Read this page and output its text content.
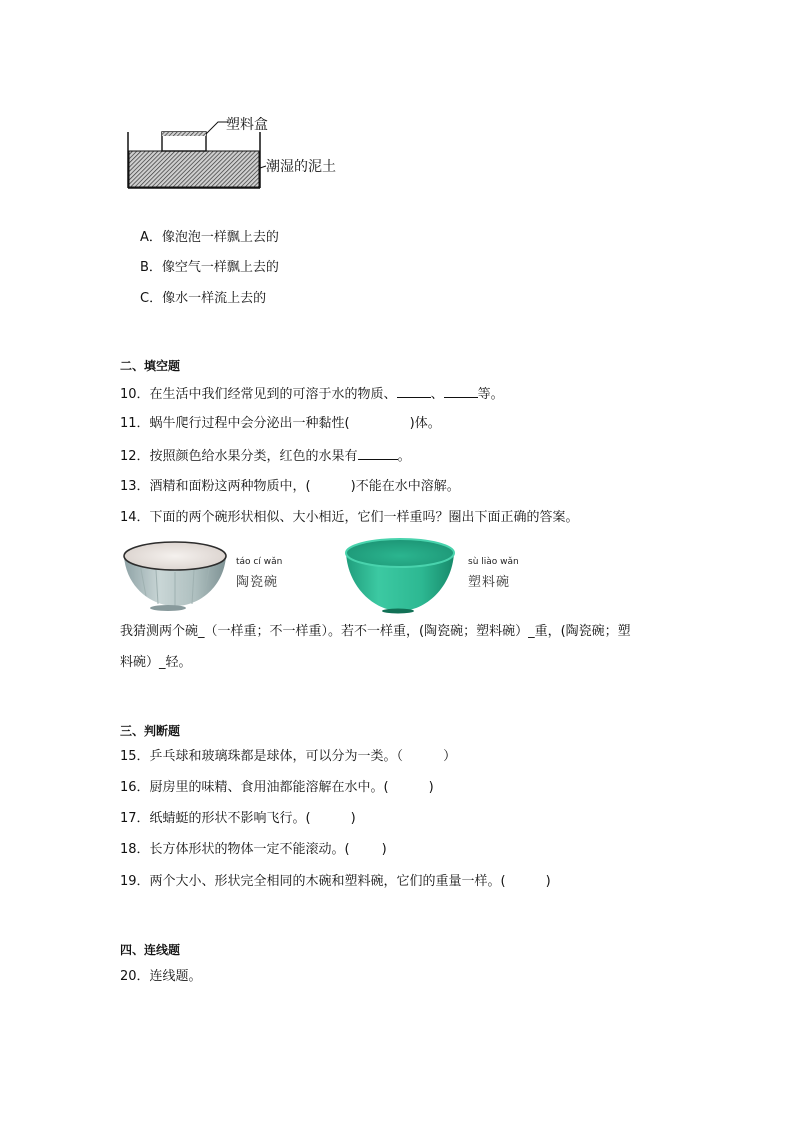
塑料盒
潮湿的泥土
A．像泡泡一样飘上去的
B．像空气一样飘上去的
C．像水一样流上去的
二、填空题
10．在生活中我们经常见到的可溶于水的物质、	、	等。
11．蜗牛爬行过程中会分泌出一种黏性(	)体。
12．按照颜色给水果分类，红色的水果有	。
13．酒精和面粉这两种物质中，(	)不能在水中溶解。
14．下面的两个碗形状相似、大小相近，它们一样重吗？圈出下面正确的答案。
táo cí wǎn
陶瓷碗
sù liào wǎn
塑料碗
我猜测两个碗_（一样重；不一样重）。若不一样重，(陶瓷碗；塑料碗）_重，(陶瓷碗；塑
料碗）_轻。
三、判断题
15．乒乓球和玻璃珠都是球体，可以分为一类。（	）
16．厨房里的味精、食用油都能溶解在水中。(	)
17．纸蜻蜓的形状不影响飞行。(	)
18．长方体形状的物体一定不能滚动。( )
19．两个大小、形状完全相同的木碗和塑料碗，它们的重量一样。(	)
四、连线题
20．连线题。
